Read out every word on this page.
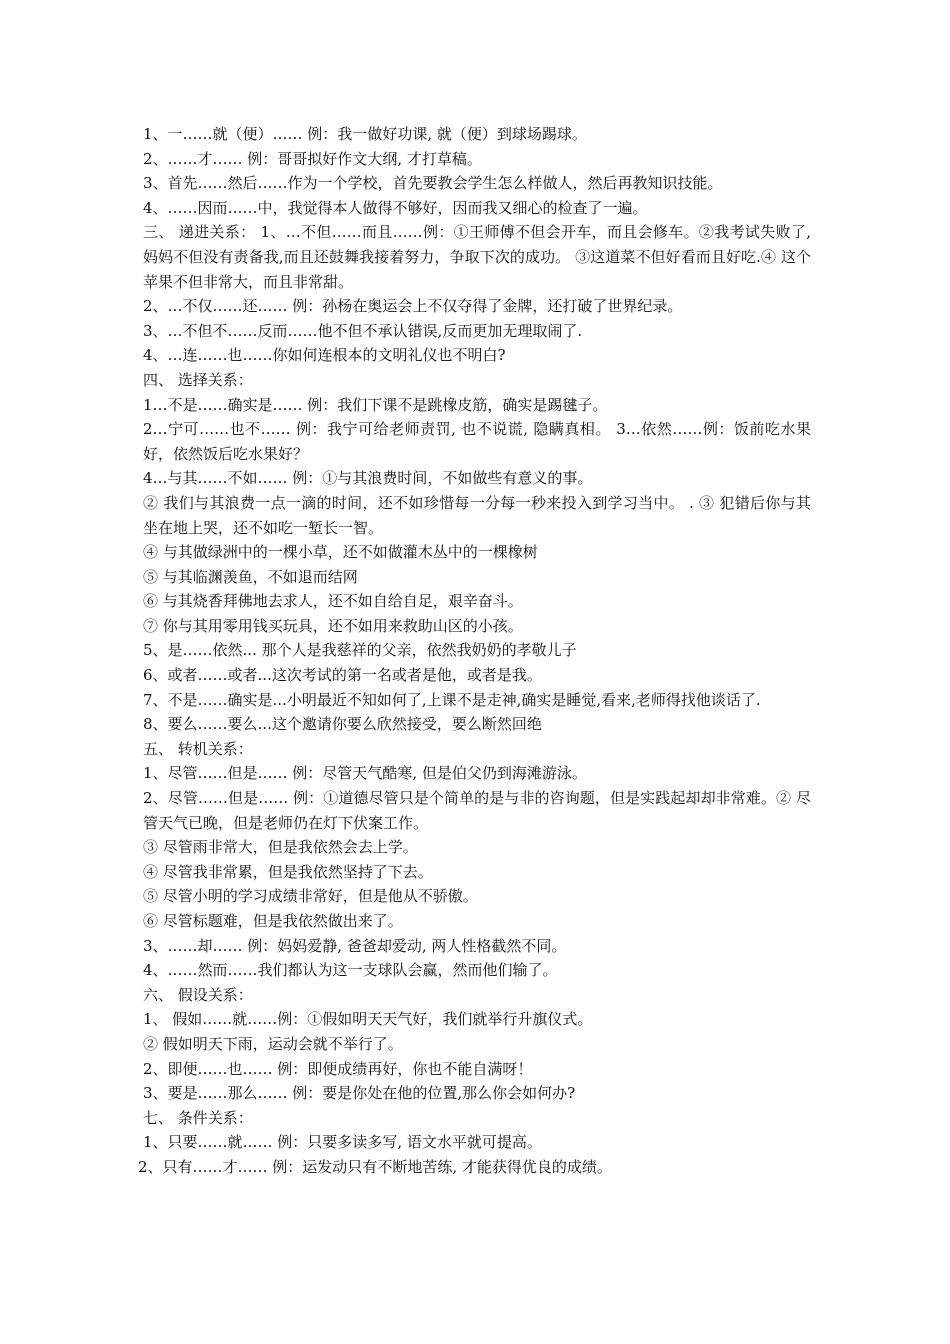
1、一……就（便）…… 例：我一做好功课, 就（便）到球场踢球。
2、……才…… 例：哥哥拟好作文大纲, 才打草稿。
3、首先……然后……作为一个学校，首先要教会学生怎么样做人，然后再教知识技能。
4、……因而……中，我觉得本人做得不够好，因而我又细心的检查了一遍。
三、 递进关系： 1、…不但……而且……例：①王师傅不但会开车，而且会修车。②我考试失败了,妈妈不但没有责备我,而且还鼓舞我接着努力，争取下次的成功。 ③这道菜不但好看而且好吃.④ 这个苹果不但非常大，而且非常甜。
2、…不仅……还…… 例：孙杨在奥运会上不仅夺得了金牌，还打破了世界纪录。
3、…不但不……反而……他不但不承认错误,反而更加无理取闹了.
4、…连……也……你如何连根本的文明礼仪也不明白?
四、 选择关系：
1…不是……确实是…… 例：我们下课不是跳橡皮筋，确实是踢毽子。
2…宁可……也不…… 例：我宁可给老师责罚, 也不说谎, 隐瞒真相。 3…依然……例：饭前吃水果好，依然饭后吃水果好？
4…与其……不如…… 例：①与其浪费时间，不如做些有意义的事。
② 我们与其浪费一点一滴的时间，还不如珍惜每一分每一秒来投入到学习当中。 . ③ 犯错后你与其坐在地上哭，还不如吃一堑长一智。
④ 与其做绿洲中的一棵小草，还不如做灌木丛中的一棵橡树
⑤ 与其临渊羡鱼，不如退而结网
⑥ 与其烧香拜佛地去求人，还不如自给自足，艰辛奋斗。
⑦ 你与其用零用钱买玩具，还不如用来救助山区的小孩。
5、是……依然... 那个人是我慈祥的父亲，依然我奶奶的孝敬儿子
6、或者……或者...这次考试的第一名或者是他，或者是我。
7、不是……确实是...小明最近不知如何了,上课不是走神,确实是睡觉,看来,老师得找他谈话了.
8、要么……要么...这个邀请你要么欣然接受，要么断然回绝
五、 转机关系：
1、尽管……但是…… 例：尽管天气酷寒, 但是伯父仍到海滩游泳。
2、尽管……但是…… 例：①道德尽管只是个简单的是与非的咨询题，但是实践起却却非常难。② 尽管天气已晚，但是老师仍在灯下伏案工作。
③ 尽管雨非常大，但是我依然会去上学。
④ 尽管我非常累，但是我依然坚持了下去。
⑤ 尽管小明的学习成绩非常好，但是他从不骄傲。
⑥ 尽管标题难，但是我依然做出来了。
3、……却…… 例：妈妈爱静, 爸爸却爱动, 两人性格截然不同。
4、……然而……我们都认为这一支球队会赢，然而他们输了。
六、 假设关系：
1、 假如……就……例：①假如明天天气好，我们就举行升旗仪式。
② 假如明天下雨，运动会就不举行了。
2、即便……也…… 例：即便成绩再好，你也不能自满呀！
3、要是……那么…… 例：要是你处在他的位置,那么你会如何办?
七、 条件关系：
1、只要……就…… 例：只要多读多写, 语文水平就可提高。
2、只有……才…… 例：运发动只有不断地苦练, 才能获得优良的成绩。
